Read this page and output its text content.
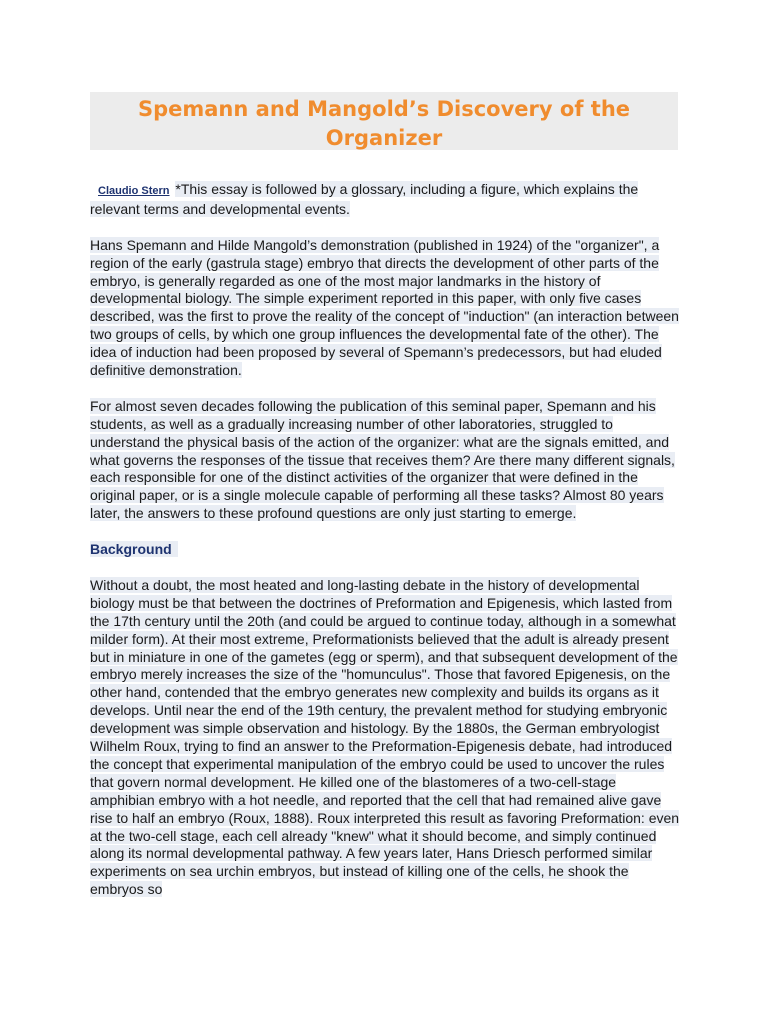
Spemann and Mangold’s Discovery of the Organizer

Claudio Stern *This essay is followed by a glossary, including a figure, which explains the relevant terms and developmental events.

Hans Spemann and Hilde Mangold’s demonstration (published in 1924) of the "organizer", a region of the early (gastrula stage) embryo that directs the development of other parts of the embryo, is generally regarded as one of the most major landmarks in the history of developmental biology. The simple experiment reported in this paper, with only five cases described, was the first to prove the reality of the concept of "induction" (an interaction between two groups of cells, by which one group influences the developmental fate of the other). The idea of induction had been proposed by several of Spemann’s predecessors, but had eluded definitive demonstration.

For almost seven decades following the publication of this seminal paper, Spemann and his students, as well as a gradually increasing number of other laboratories, struggled to understand the physical basis of the action of the organizer: what are the signals emitted, and what governs the responses of the tissue that receives them? Are there many different signals, each responsible for one of the distinct activities of the organizer that were defined in the original paper, or is a single molecule capable of performing all these tasks? Almost 80 years later, the answers to these profound questions are only just starting to emerge.

Background

Without a doubt, the most heated and long-lasting debate in the history of developmental biology must be that between the doctrines of Preformation and Epigenesis, which lasted from the 17th century until the 20th (and could be argued to continue today, although in a somewhat milder form). At their most extreme, Preformationists believed that the adult is already present but in miniature in one of the gametes (egg or sperm), and that subsequent development of the embryo merely increases the size of the "homunculus". Those that favored Epigenesis, on the other hand, contended that the embryo generates new complexity and builds its organs as it develops. Until near the end of the 19th century, the prevalent method for studying embryonic development was simple observation and histology. By the 1880s, the German embryologist Wilhelm Roux, trying to find an answer to the Preformation-Epigenesis debate, had introduced the concept that experimental manipulation of the embryo could be used to uncover the rules that govern normal development. He killed one of the blastomeres of a two-cell-stage amphibian embryo with a hot needle, and reported that the cell that had remained alive gave rise to half an embryo (Roux, 1888). Roux interpreted this result as favoring Preformation: even at the two-cell stage, each cell already "knew" what it should become, and simply continued along its normal developmental pathway. A few years later, Hans Driesch performed similar experiments on sea urchin embryos, but instead of killing one of the cells, he shook the embryos so
